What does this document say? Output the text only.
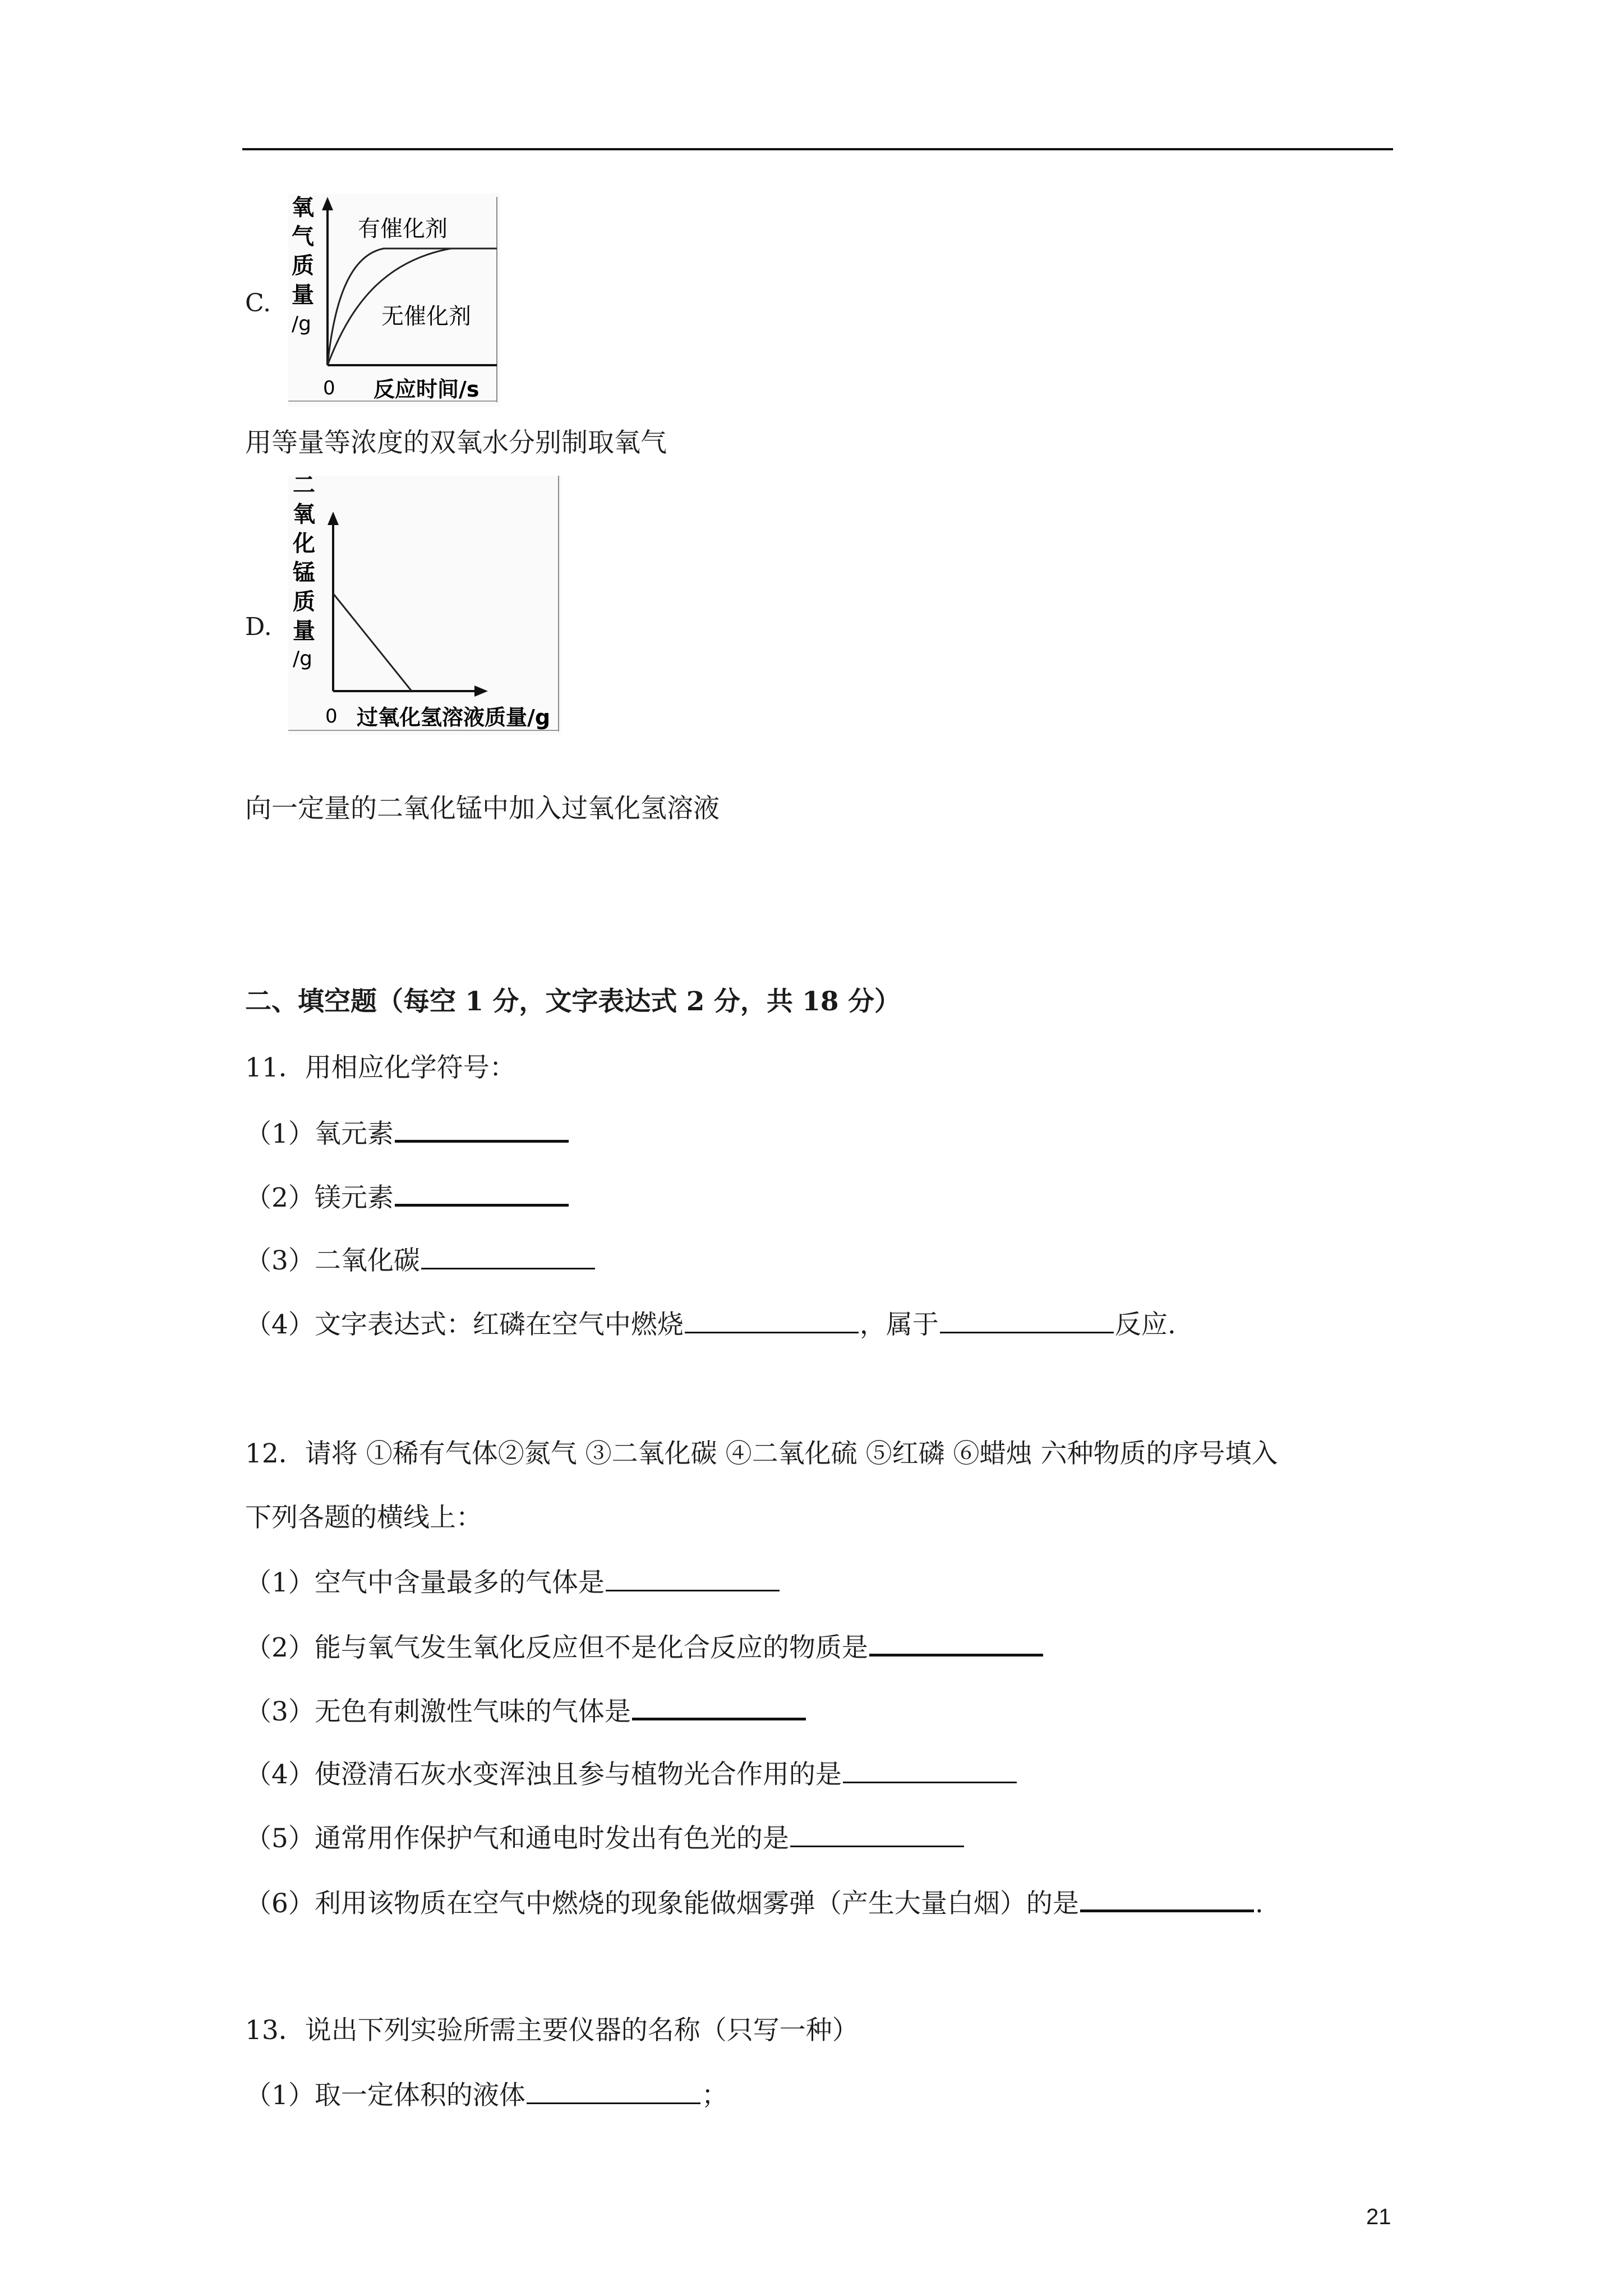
C.
氧
气
质
量
/g
有催化剂
无催化剂
0 反应时间/s
用等量等浓度的双氧水分别制取氧气
D.
二
氧
化
锰
质
量
/g
0 过氧化氢溶液质量/g
向一定量的二氧化锰中加入过氧化氢溶液
二、填空题（每空 1 分，文字表达式 2 分，共 18 分）
11．用相应化学符号：
（1）氧元素
（2）镁元素
（3）二氧化碳
（4）文字表达式：红磷在空气中燃烧	，属于	反应.
12．请将 ①稀有气体②氮气 ③二氧化碳 ④二氧化硫 ⑤红磷 ⑥蜡烛 六种物质的序号填入
下列各题的横线上：
（1）空气中含量最多的气体是
（2）能与氧气发生氧化反应但不是化合反应的物质是
（3）无色有刺激性气味的气体是
（4）使澄清石灰水变浑浊且参与植物光合作用的是
（5）通常用作保护气和通电时发出有色光的是
（6）利用该物质在空气中燃烧的现象能做烟雾弹（产生大量白烟）的是	.
13．说出下列实验所需主要仪器的名称（只写一种）
（1）取一定体积的液体	；
21
